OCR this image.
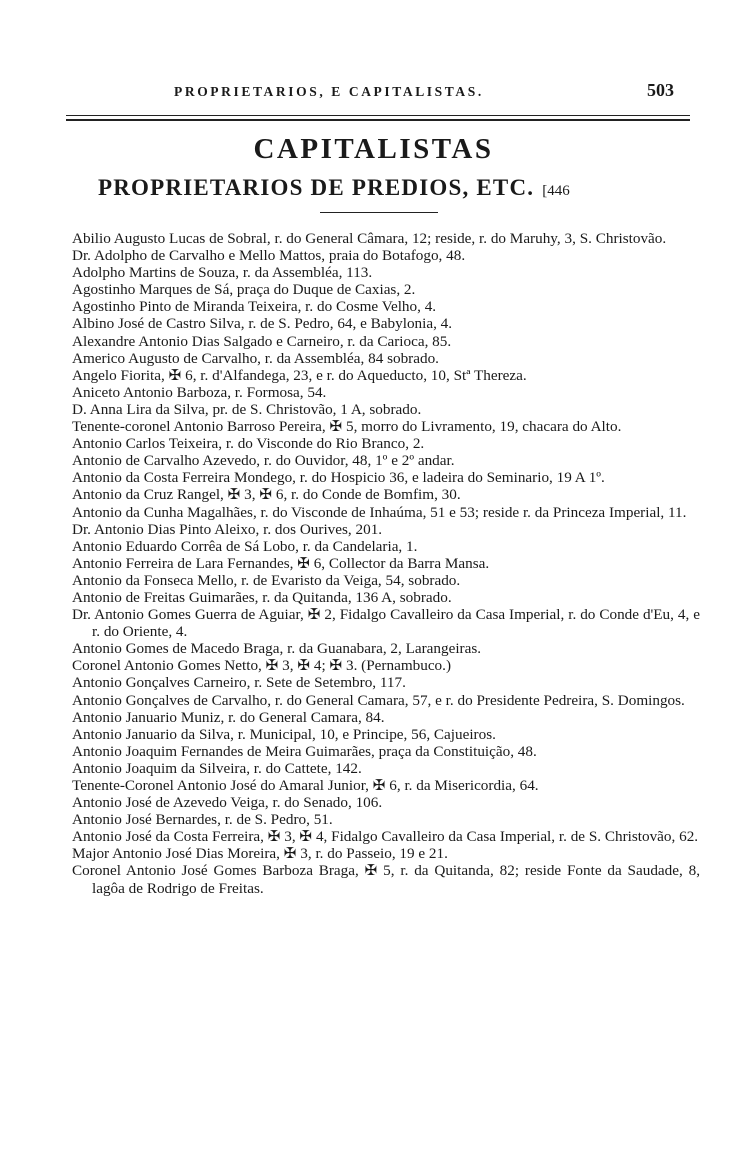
PROPRIETARIOS, E CAPITALISTAS.	503
CAPITALISTAS
PROPRIETARIOS DE PREDIOS, ETC. [446

Abilio Augusto Lucas de Sobral, r. do General Câmara, 12; reside, r. do Maruhy, 3, S. Christovão.

Dr. Adolpho de Carvalho e Mello Mattos, praia do Botafogo, 48.

Adolpho Martins de Souza, r. da Assembléa, 113.

Agostinho Marques de Sá, praça do Duque de Caxias, 2.

Agostinho Pinto de Miranda Teixeira, r. do Cosme Velho, 4.

Albino José de Castro Silva, r. de S. Pedro, 64, e Babylonia, 4.

Alexandre Antonio Dias Salgado e Carneiro, r. da Carioca, 85.

Americo Augusto de Carvalho, r. da Assembléa, 84 sobrado.

Angelo Fiorita, ✠ 6, r. d'Alfandega, 23, e r. do Aqueducto, 10, Stª Thereza.

Aniceto Antonio Barboza, r. Formosa, 54.

D. Anna Lira da Silva, pr. de S. Christovão, 1 A, sobrado.

Tenente-coronel Antonio Barroso Pereira, ✠ 5, morro do Livramento, 19, chacara do Alto.

Antonio Carlos Teixeira, r. do Visconde do Rio Branco, 2.

Antonio de Carvalho Azevedo, r. do Ouvidor, 48, 1º e 2º andar.

Antonio da Costa Ferreira Mondego, r. do Hospicio 36, e ladeira do Seminario, 19 A 1º.

Antonio da Cruz Rangel, ✠ 3, ✠ 6, r. do Conde de Bomfim, 30.

Antonio da Cunha Magalhães, r. do Visconde de Inhaúma, 51 e 53; reside r. da Princeza Imperial, 11.

Dr. Antonio Dias Pinto Aleixo, r. dos Ourives, 201.

Antonio Eduardo Corrêa de Sá Lobo, r. da Candelaria, 1.

Antonio Ferreira de Lara Fernandes, ✠ 6, Collector da Barra Mansa.

Antonio da Fonseca Mello, r. de Evaristo da Veiga, 54, sobrado.

Antonio de Freitas Guimarães, r. da Quitanda, 136 A, sobrado.

Dr. Antonio Gomes Guerra de Aguiar, ✠ 2, Fidalgo Cavalleiro da Casa Imperial, r. do Conde d'Eu, 4, e r. do Oriente, 4.

Antonio Gomes de Macedo Braga, r. da Guanabara, 2, Larangeiras.

Coronel Antonio Gomes Netto, ✠ 3, ✠ 4; ✠ 3. (Pernambuco.)

Antonio Gonçalves Carneiro, r. Sete de Setembro, 117.

Antonio Gonçalves de Carvalho, r. do General Camara, 57, e r. do Presidente Pedreira, S. Domingos.

Antonio Januario Muniz, r. do General Camara, 84.

Antonio Januario da Silva, r. Municipal, 10, e Principe, 56, Cajueiros.

Antonio Joaquim Fernandes de Meira Guimarães, praça da Constituição, 48.

Antonio Joaquim da Silveira, r. do Cattete, 142.

Tenente-Coronel Antonio José do Amaral Junior, ✠ 6, r. da Misericordia, 64.

Antonio José de Azevedo Veiga, r. do Senado, 106.

Antonio José Bernardes, r. de S. Pedro, 51.

Antonio José da Costa Ferreira, ✠ 3, ✠ 4, Fidalgo Cavalleiro da Casa Imperial, r. de S. Christovão, 62.

Major Antonio José Dias Moreira, ✠ 3, r. do Passeio, 19 e 21.

Coronel Antonio José Gomes Barboza Braga, ✠ 5, r. da Quitanda, 82; reside Fonte da Saudade, 8, lagôa de Rodrigo de Freitas.
